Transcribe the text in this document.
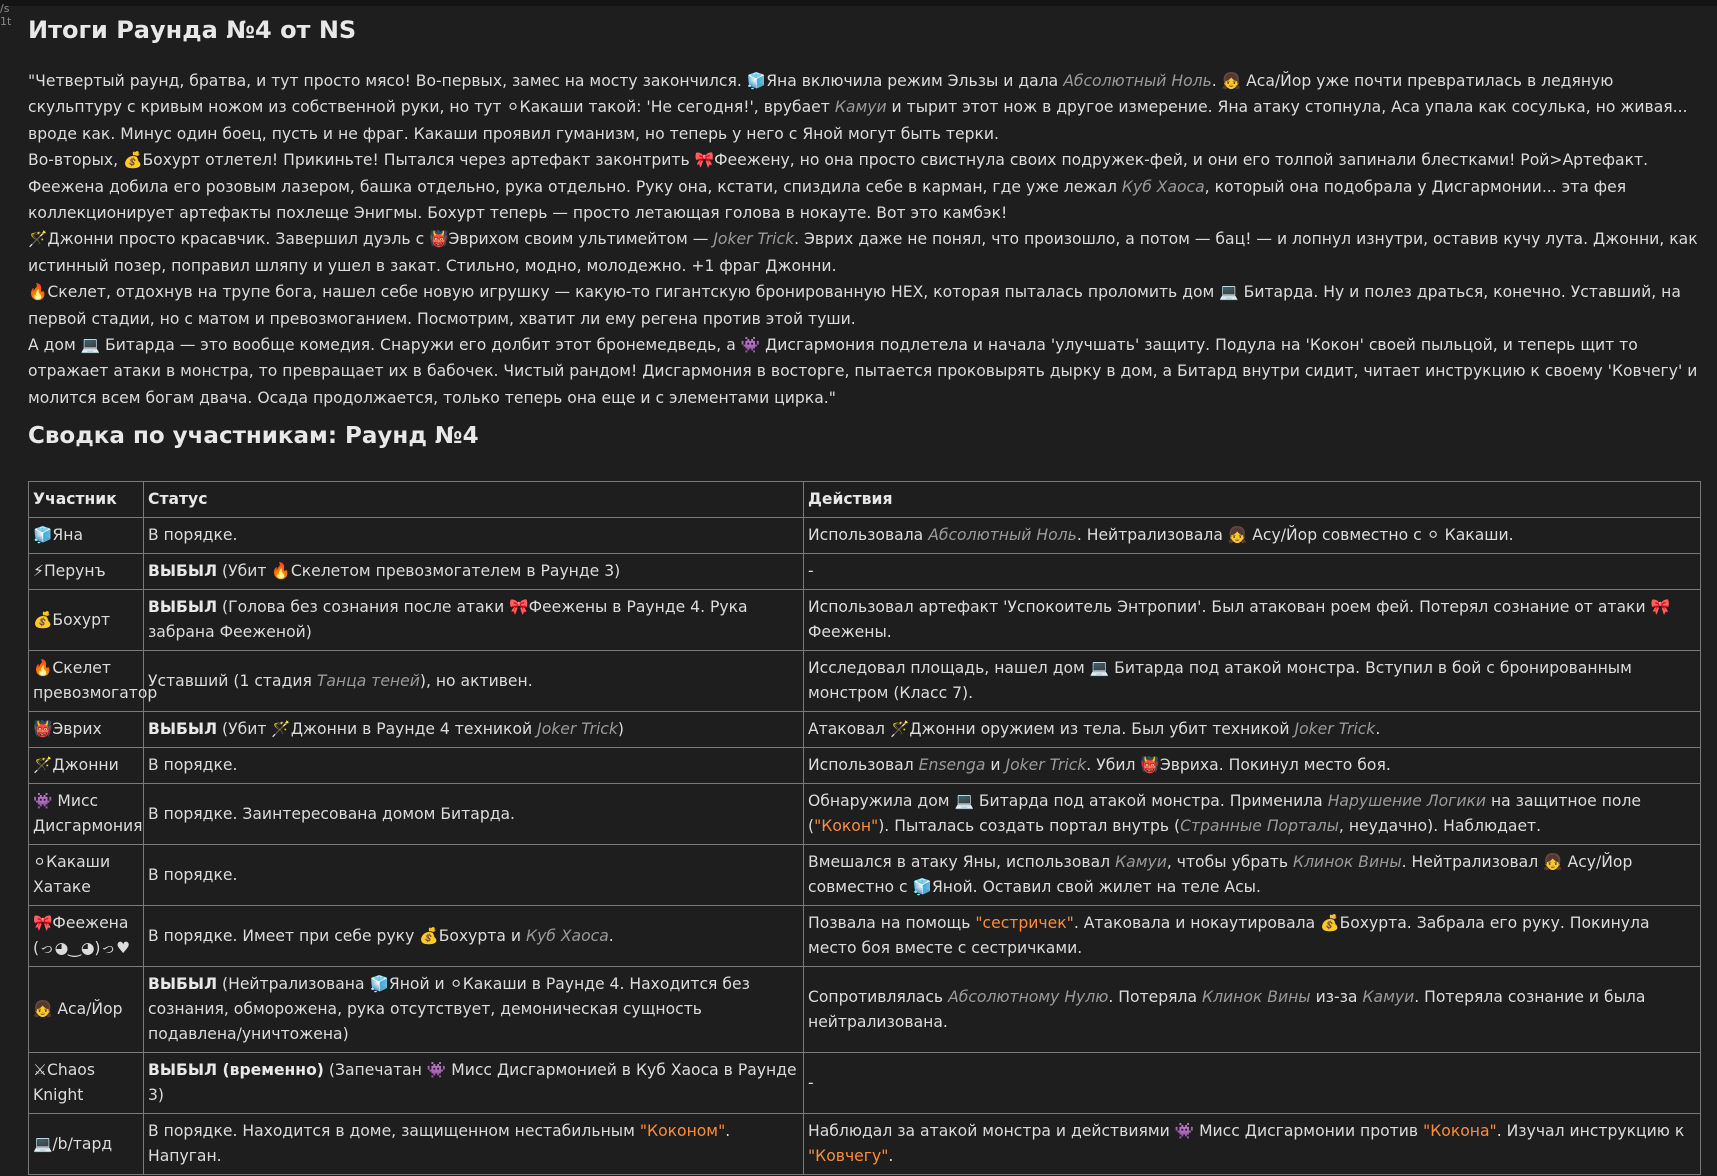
/s
1t Итоги Раунда №4 от NS

"Четвертый раунд, братва, и тут просто мясо! Во-первых, замес на мосту закончился. 🧊Яна включила режим Эльзы и дала Абсолютный Ноль. 👧 Аса/Йор уже почти превратилась в ледяную скульптуру с кривым ножом из собственной руки, но тут ⚪Какаши такой: 'Не сегодня!', врубает Камуи и тырит этот нож в другое измерение. Яна атаку стопнула, Аса упала как сосулька, но живая... вроде как. Минус один боец, пусть и не фраг. Какаши проявил гуманизм, но теперь у него с Яной могут быть терки.

Во-вторых, 💰Бохурт отлетел! Прикиньте! Пытался через артефакт законтрить 🎀Феежену, но она просто свистнула своих подружек-фей, и они его толпой запинали блестками! Рой>Артефакт. Феежена добила его розовым лазером, башка отдельно, рука отдельно. Руку она, кстати, спиздила себе в карман, где уже лежал Куб Хаоса, который она подобрала у Дисгармонии... эта фея коллекционирует артефакты похлеще Энигмы. Бохурт теперь — просто летающая голова в нокауте. Вот это камбэк!

🪄Джонни просто красавчик. Завершил дуэль с 👹Эврихом своим ультимейтом — Joker Trick. Эврих даже не понял, что произошло, а потом — бац! — и лопнул изнутри, оставив кучу лута. Джонни, как истинный позер, поправил шляпу и ушел в закат. Стильно, модно, молодежно. +1 фраг Джонни.

🔥Скелет, отдохнув на трупе бога, нашел себе новую игрушку — какую-то гигантскую бронированную HEX, которая пыталась проломить дом 💻 Битарда. Ну и полез драться, конечно. Уставший, на первой стадии, но с матом и превозмоганием. Посмотрим, хватит ли ему регена против этой туши.

А дом 💻 Битарда — это вообще комедия. Снаружи его долбит этот бронемедведь, а 👾 Дисгармония подлетела и начала 'улучшать' защиту. Подула на 'Кокон' своей пыльцой, и теперь щит то отражает атаки в монстра, то превращает их в бабочек. Чистый рандом! Дисгармония в восторге, пытается проковырять дырку в дом, а Битард внутри сидит, читает инструкцию к своему 'Ковчегу' и молится всем богам двача. Осада продолжается, только теперь она еще и с элементами цирка."

Сводка по участникам: Раунд №4
Участник	Статус	Действия
🧊Яна	В порядке.	Использовала Абсолютный Ноль. Нейтрализовала 👧 Асу/Йор совместно с ⚪ Какаши.
⚡Перунъ	ВЫБЫЛ (Убит 🔥Скелетом превозмогателем в Раунде 3)	-
💰Бохурт	ВЫБЫЛ (Голова без сознания после атаки 🎀Феежены в Раунде 4. Рука забрана Фееженой)	Использовал артефакт 'Успокоитель Энтропии'. Был атакован роем фей. Потерял сознание от атаки 🎀Феежены.
🔥Скелет превозмогатор	Уставший (1 стадия Танца теней), но активен.	Исследовал площадь, нашел дом 💻 Битарда под атакой монстра. Вступил в бой с бронированным монстром (Класс 7).
👹Эврих	ВЫБЫЛ (Убит 🪄Джонни в Раунде 4 техникой Joker Trick)	Атаковал 🪄Джонни оружием из тела. Был убит техникой Joker Trick.
🪄Джонни	В порядке.	Использовал Ensenga и Joker Trick. Убил 👹Эвриха. Покинул место боя.
👾 Мисс Дисгармония	В порядке. Заинтересована домом Битарда.	Обнаружила дом 💻 Битарда под атакой монстра. Применила Нарушение Логики на защитное поле ("Кокон"). Пыталась создать портал внутрь (Странные Порталы, неудачно). Наблюдает.
⚪Какаши Хатаке	В порядке.	Вмешался в атаку Яны, использовал Камуи, чтобы убрать Клинок Вины. Нейтрализовал 👧 Асу/Йор совместно с 🧊Яной. Оставил свой жилет на теле Асы.
🎀Феежена (っ◕‿◕)っ♥	В порядке. Имеет при себе руку 💰Бохурта и Куб Хаоса.	Позвала на помощь "сестричек". Атаковала и нокаутировала 💰Бохурта. Забрала его руку. Покинула место боя вместе с сестричками.
👧 Аса/Йор	ВЫБЫЛ (Нейтрализована 🧊Яной и ⚪Какаши в Раунде 4. Находится без сознания, обморожена, рука отсутствует, демоническая сущность подавлена/уничтожена)	Сопротивлялась Абсолютному Нулю. Потеряла Клинок Вины из-за Камуи. Потеряла сознание и была нейтрализована.
⚔Chaos Knight	ВЫБЫЛ (временно) (Запечатан 👾 Мисс Дисгармонией в Куб Хаоса в Раунде 3)	-
💻/b/тард	В порядке. Находится в доме, защищенном нестабильным "Коконом". Напуган.	Наблюдал за атакой монстра и действиями 👾 Мисс Дисгармонии против "Кокона". Изучал инструкцию к "Ковчегу".
